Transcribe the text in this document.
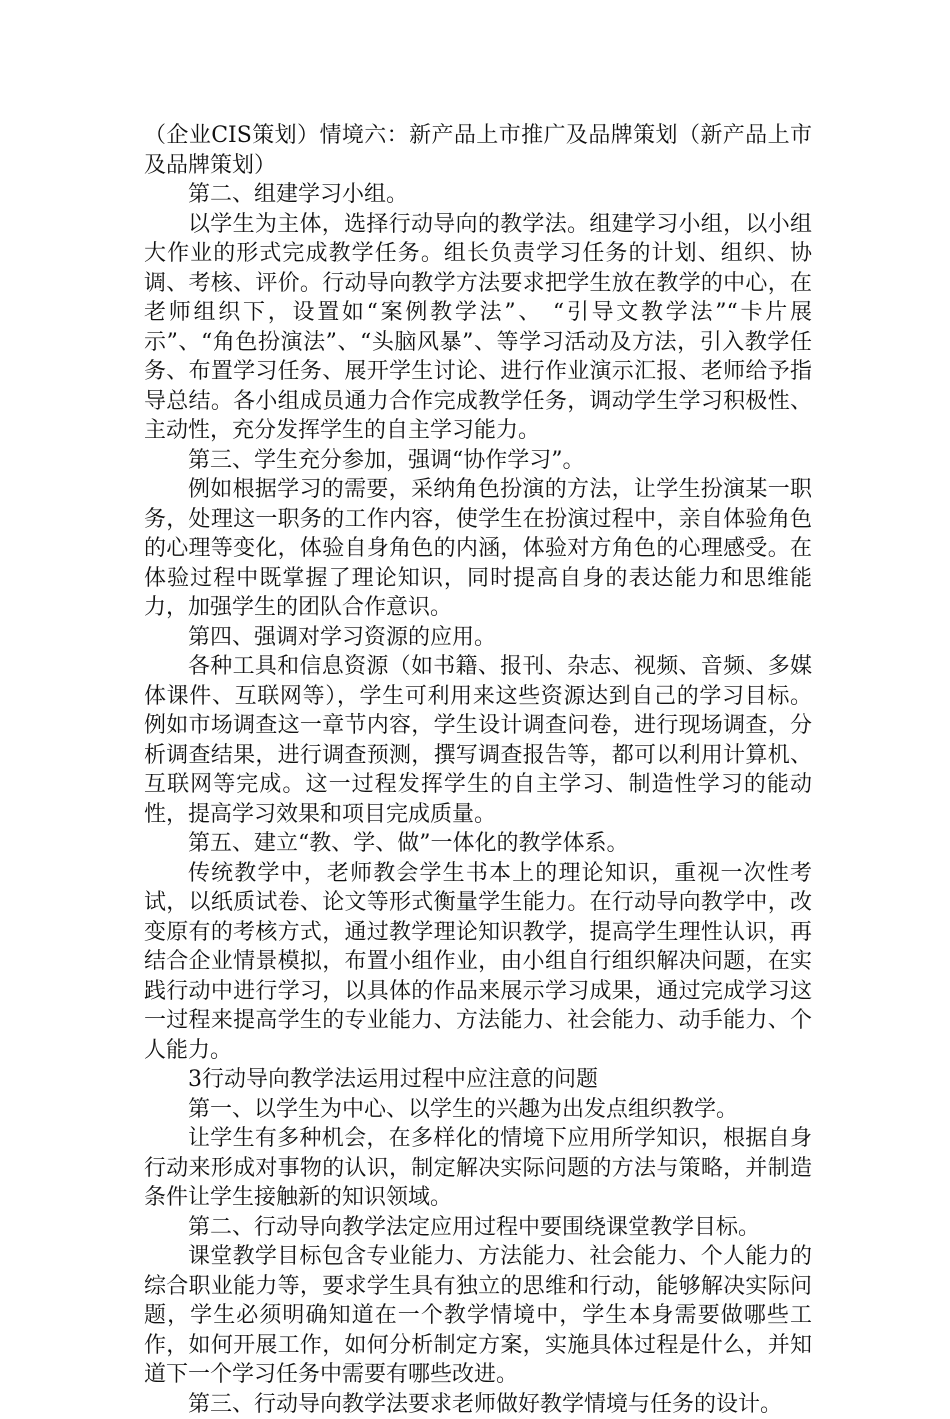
（企业CIS策划）情境六：新产品上市推广及品牌策划（新产品上市及品牌策划）

第二、组建学习小组。

以学生为主体，选择行动导向的教学法。组建学习小组，以小组大作业的形式完成教学任务。组长负责学习任务的计划、组织、协调、考核、评价。行动导向教学方法要求把学生放在教学的中心，在老师组织下，设置如“案例教学法”、 “引导文教学法”“卡片展示”、“角色扮演法”、“头脑风暴”、等学习活动及方法，引入教学任务、布置学习任务、展开学生讨论、进行作业演示汇报、老师给予指导总结。各小组成员通力合作完成教学任务，调动学生学习积极性、主动性，充分发挥学生的自主学习能力。

第三、学生充分参加，强调“协作学习”。

例如根据学习的需要，采纳角色扮演的方法，让学生扮演某一职务，处理这一职务的工作内容，使学生在扮演过程中，亲自体验角色的心理等变化，体验自身角色的内涵，体验对方角色的心理感受。在体验过程中既掌握了理论知识，同时提高自身的表达能力和思维能力，加强学生的团队合作意识。

第四、强调对学习资源的应用。

各种工具和信息资源（如书籍、报刊、杂志、视频、音频、多媒体课件、互联网等），学生可利用来这些资源达到自己的学习目标。 例如市场调查这一章节内容，学生设计调查问卷，进行现场调查，分析调查结果，进行调查预测，撰写调查报告等，都可以利用计算机、互联网等完成。这一过程发挥学生的自主学习、制造性学习的能动性，提高学习效果和项目完成质量。

第五、建立“教、学、做”一体化的教学体系。

传统教学中，老师教会学生书本上的理论知识，重视一次性考试，以纸质试卷、论文等形式衡量学生能力。在行动导向教学中，改变原有的考核方式，通过教学理论知识教学，提高学生理性认识，再结合企业情景模拟，布置小组作业，由小组自行组织解决问题，在实践行动中进行学习，以具体的作品来展示学习成果，通过完成学习这一过程来提高学生的专业能力、方法能力、社会能力、动手能力、个人能力。

3行动导向教学法运用过程中应注意的问题

第一、以学生为中心、以学生的兴趣为出发点组织教学。

让学生有多种机会，在多样化的情境下应用所学知识，根据自身行动来形成对事物的认识，制定解决实际问题的方法与策略，并制造条件让学生接触新的知识领域。

第二、行动导向教学法定应用过程中要围绕课堂教学目标。

课堂教学目标包含专业能力、方法能力、社会能力、个人能力的综合职业能力等，要求学生具有独立的思维和行动，能够解决实际问题，学生必须明确知道在一个教学情境中，学生本身需要做哪些工作，如何开展工作，如何分析制定方案，实施具体过程是什么，并知道下一个学习任务中需要有哪些改进。

第三、行动导向教学法要求老师做好教学情境与任务的设计。
